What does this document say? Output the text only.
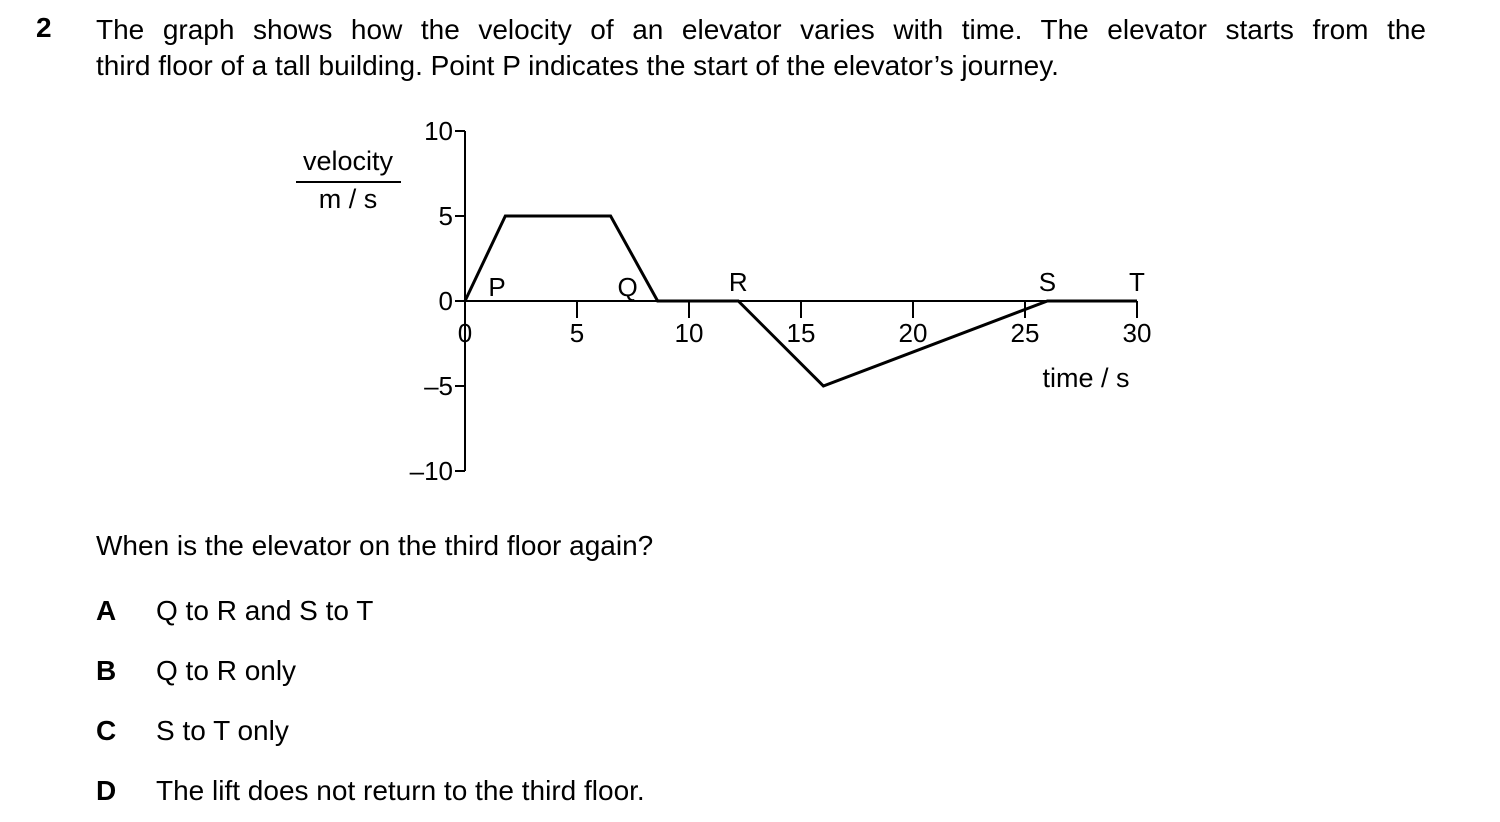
2 The graph shows how the velocity of an elevator varies with time. The elevator starts from the
third floor of a tall building. Point P indicates the start of the elevator’s journey.
10
5
0
–5
–10
0	5	10	15	20	25	30
P	Q	R	S	T
velocity
m / s
time / s
When is the elevator on the third floor again?
A Q to R and S to T
B Q to R only
C S to T only
D The lift does not return to the third floor.
